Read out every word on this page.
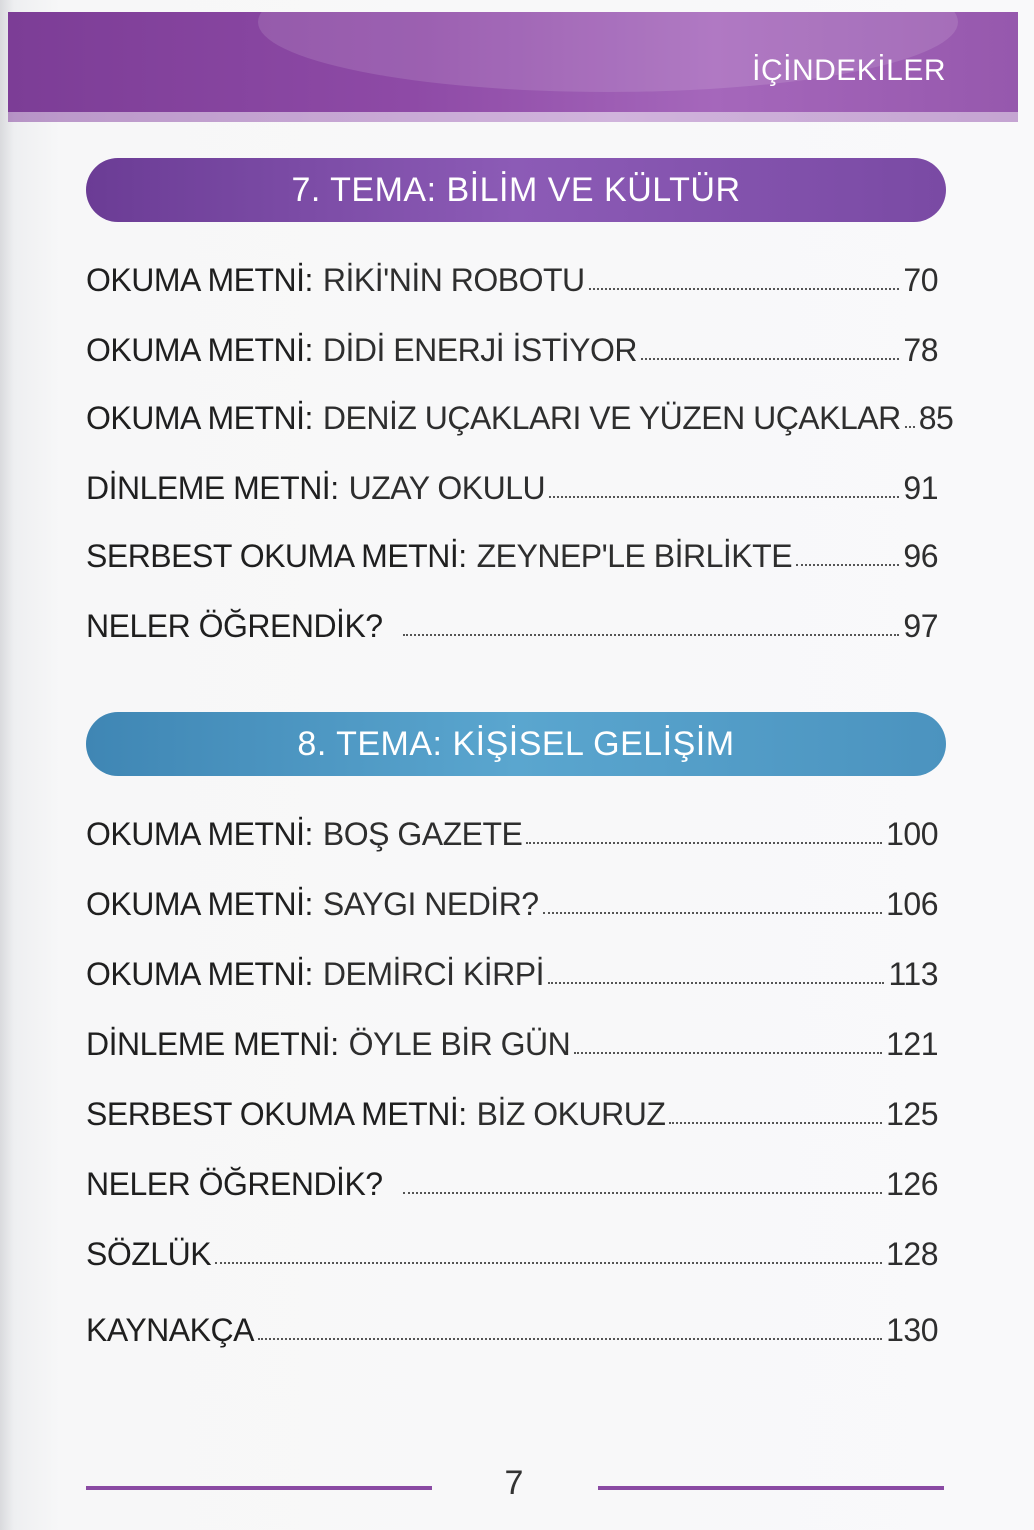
İÇİNDEKİLER
7. TEMA: BİLİM VE KÜLTÜR
OKUMA METNİ: RİKİ'NİN ROBOTU	70
OKUMA METNİ: DİDİ ENERJİ İSTİYOR	78
OKUMA METNİ: DENİZ UÇAKLARI VE YÜZEN UÇAKLAR 85
DİNLEME METNİ: UZAY OKULU	91
SERBEST OKUMA METNİ: ZEYNEP'LE BİRLİKTE	96
NELER ÖĞRENDİK?	97
8. TEMA: KİŞİSEL GELİŞİM
OKUMA METNİ: BOŞ GAZETE	100
OKUMA METNİ: SAYGI NEDİR?	106
OKUMA METNİ: DEMİRCİ KİRPİ	113
DİNLEME METNİ: ÖYLE BİR GÜN	121
SERBEST OKUMA METNİ: BİZ OKURUZ	125
NELER ÖĞRENDİK?	126
SÖZLÜK	128
KAYNAKÇA	130
7
